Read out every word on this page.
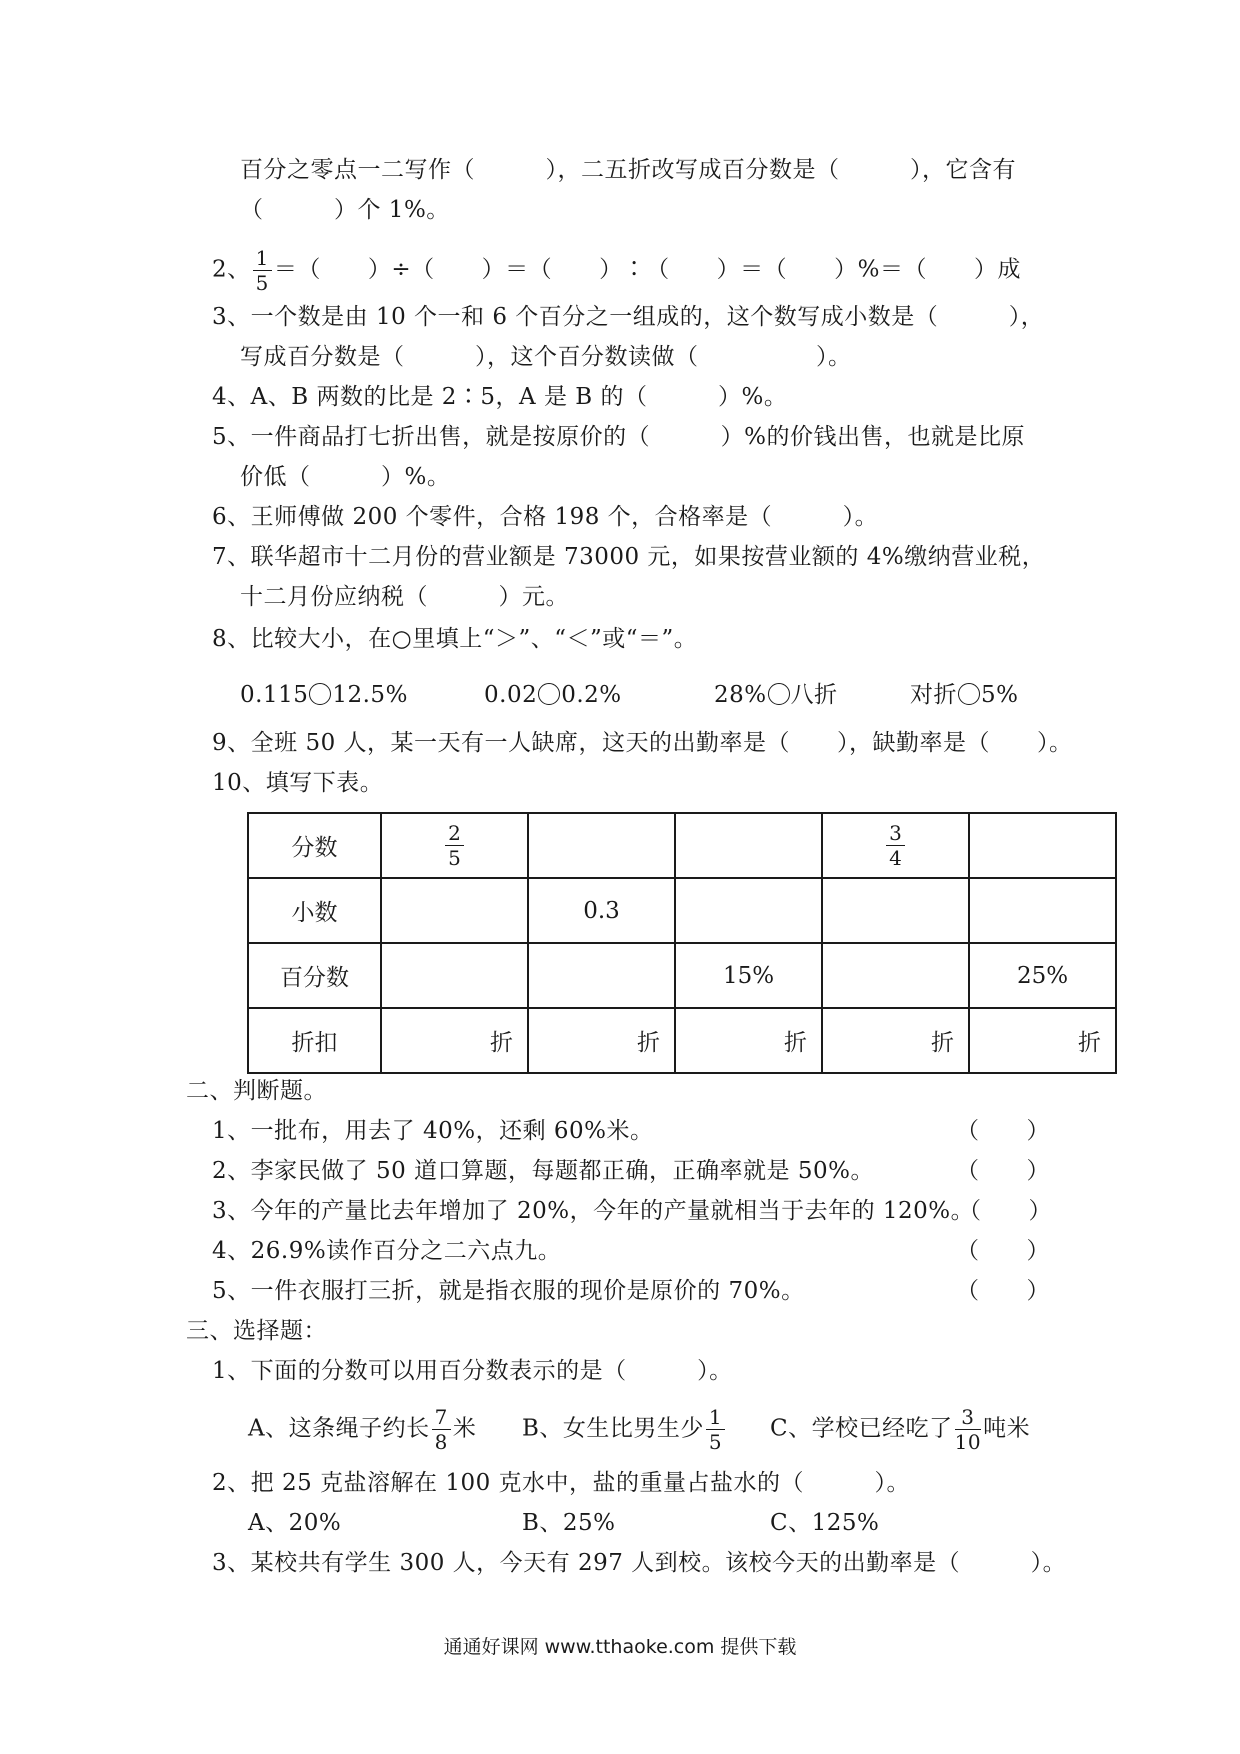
百分之零点一二写作（　　　），二五折改写成百分数是（　　　），它含有
（　　　）个 1%。
2、 $\frac{1}{5}$ ＝（　　）÷（　　）＝（　　）∶（　　）＝（　　）%＝（　　）成
3、一个数是由 10 个一和 6 个百分之一组成的，这个数写成小数是（　　　），
写成百分数是（　　　），这个百分数读做（　　　　　）。
4、A、B 两数的比是 2∶5，A 是 B 的（　　　）%。
5、一件商品打七折出售，就是按原价的（　　　）%的价钱出售，也就是比原
价低（　　　）%。
6、王师傅做 200 个零件，合格 198 个，合格率是（　　　）。
7、联华超市十二月份的营业额是 73000 元，如果按营业额的 4%缴纳营业税，
十二月份应纳税（　　　）元。
8、比较大小，在○里填上“＞”、“＜”或“＝”。
0.115 12.5%	0.02 0.2%	28% 八折	对折 5%
9、全班 50 人，某一天有一人缺席，这天的出勤率是（　　），缺勤率是（　　）。
10、填写下表。
分数	$\frac{2}{5}$			$\frac{3}{4}$

小数		0.3			
百分数			15%		25%
折扣	折	折	折	折	折
二、判断题。
1、一批布，用去了 40%，还剩 60%米。	（　　）
2、李家民做了 50 道口算题，每题都正确，正确率就是 50%。	（　　）
3、今年的产量比去年增加了 20%，今年的产量就相当于去年的 120%。
（　　）
4、26.9%读作百分之二六点九。	（　　）
5、一件衣服打三折，就是指衣服的现价是原价的 70%。	（　　）
三、选择题：
1、下面的分数可以用百分数表示的是（　　　）。
A、这条绳子约长 $\frac{7}{8}$ 米 B、女生比男生少 $\frac{1}{5}$ C、学校已经吃了 $\frac{3}{10}$ 吨米
2、把 25 克盐溶解在 100 克水中，盐的重量占盐水的（　　　）。
A、20%	B、25%	C、125%
3、某校共有学生 300 人，今天有 297 人到校。该校今天的出勤率是（　　　）。
通通好课网 www.tthaoke.com 提供下载
